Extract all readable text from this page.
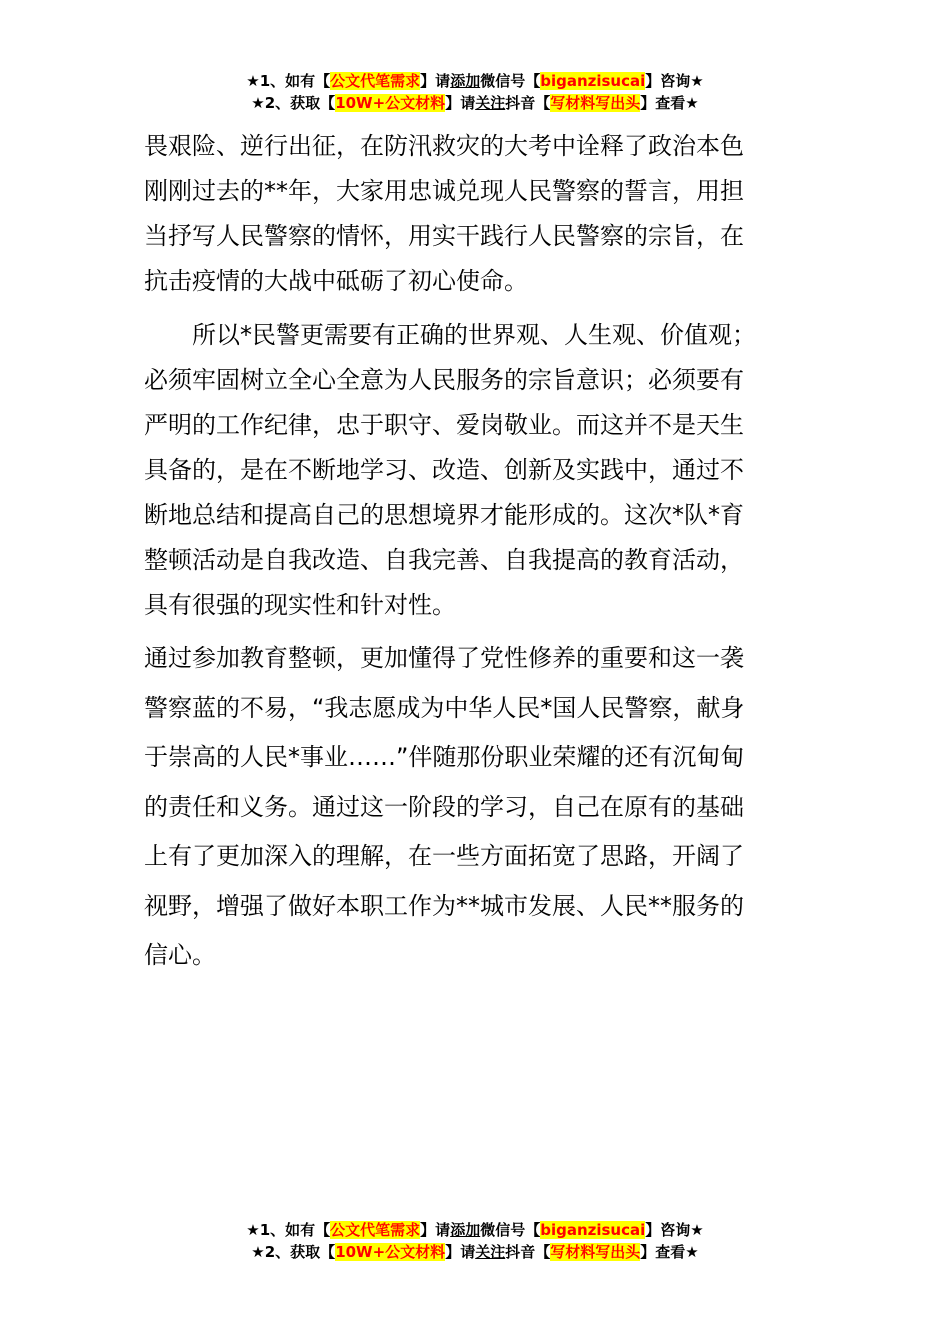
★1、如有【公文代笔需求】请添加微信号【biganzisucai】咨询★
★2、获取【10W+公文材料】请关注抖音【写材料写出头】查看★
畏艰险、逆行出征，在防汛救灾的大考中诠释了政治本色
刚刚过去的**年，大家用忠诚兑现人民警察的誓言，用担
当抒写人民警察的情怀，用实干践行人民警察的宗旨，在
抗击疫情的大战中砥砺了初心使命。
所以*民警更需要有正确的世界观、人生观、价值观；
必须牢固树立全心全意为人民服务的宗旨意识；必须要有
严明的工作纪律，忠于职守、爱岗敬业。而这并不是天生
具备的，是在不断地学习、改造、创新及实践中，通过不
断地总结和提高自己的思想境界才能形成的。这次*队*育
整顿活动是自我改造、自我完善、自我提高的教育活动，
具有很强的现实性和针对性。
通过参加教育整顿，更加懂得了党性修养的重要和这一袭
警察蓝的不易，“我志愿成为中华人民*国人民警察，献身
于崇高的人民*事业……”伴随那份职业荣耀的还有沉甸甸
的责任和义务。通过这一阶段的学习，自己在原有的基础
上有了更加深入的理解，在一些方面拓宽了思路，开阔了
视野，增强了做好本职工作为**城市发展、人民**服务的
信心。
★1、如有【公文代笔需求】请添加微信号【biganzisucai】咨询★
★2、获取【10W+公文材料】请关注抖音【写材料写出头】查看★
